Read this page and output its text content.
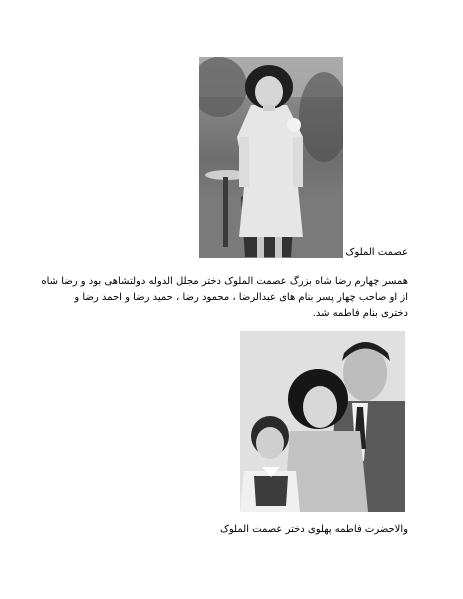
عصمت الملوک
همسر چهارم رضا شاه بزرگ عصمت الملوک دختر مجلل الدوله دولتشاهی بود و رضا شاه
از او صاحب چهار پسر بنام های عبدالرضا ، محمود رضا ، حمید رضا و احمد رضا و
دختری بنام فاطمه شد.
والاحضرت فاطمه پهلوی دختر عصمت الملوک
